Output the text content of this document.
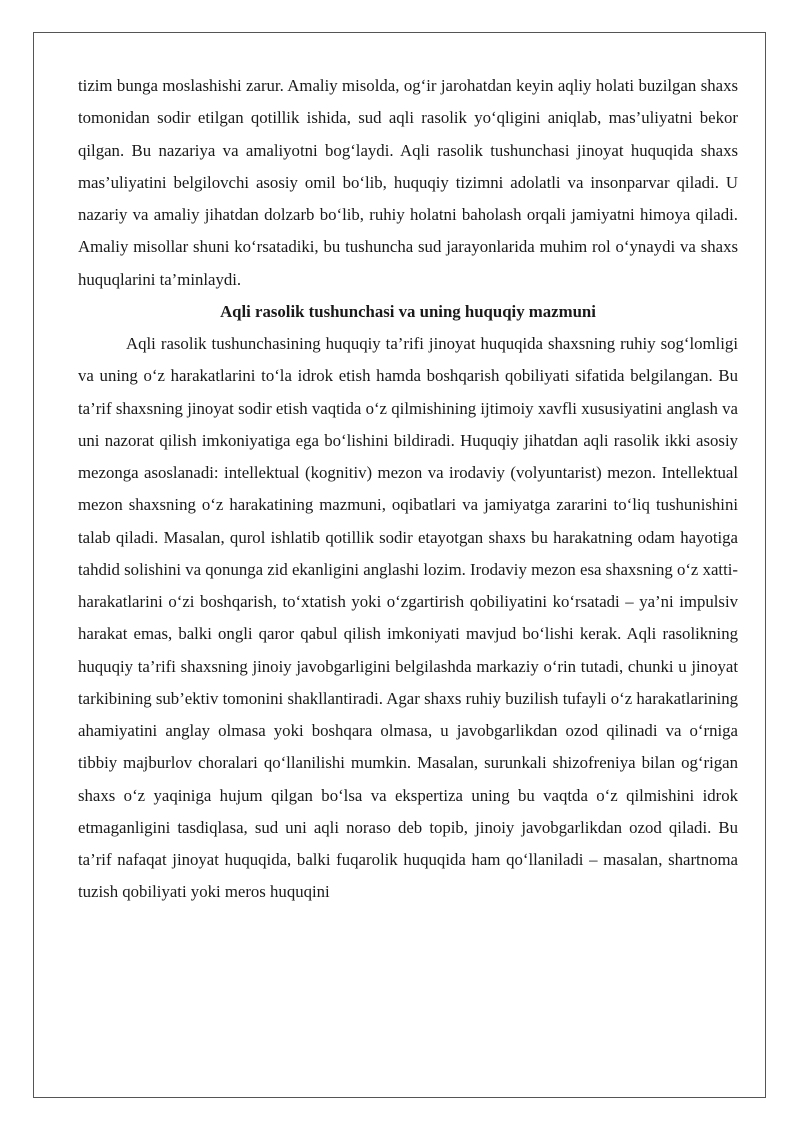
tizim bunga moslashishi zarur. Amaliy misolda, og‘ir jarohatdan keyin aqliy holati buzilgan shaxs tomonidan sodir etilgan qotillik ishida, sud aqli rasolik yo‘qligini aniqlab, mas’uliyatni bekor qilgan. Bu nazariya va amaliyotni bog‘laydi. Aqli rasolik tushunchasi jinoyat huquqida shaxs mas’uliyatini belgilovchi asosiy omil bo‘lib, huquqiy tizimni adolatli va insonparvar qiladi. U nazariy va amaliy jihatdan dolzarb bo‘lib, ruhiy holatni baholash orqali jamiyatni himoya qiladi. Amaliy misollar shuni ko‘rsatadiki, bu tushuncha sud jarayonlarida muhim rol o‘ynaydi va shaxs huquqlarini ta’minlaydi.

Aqli rasolik tushunchasi va uning huquqiy mazmuni

Aqli rasolik tushunchasining huquqiy ta’rifi jinoyat huquqida shaxsning ruhiy sog‘lomligi va uning o‘z harakatlarini to‘la idrok etish hamda boshqarish qobiliyati sifatida belgilangan. Bu ta’rif shaxsning jinoyat sodir etish vaqtida o‘z qilmishining ijtimoiy xavfli xususiyatini anglash va uni nazorat qilish imkoniyatiga ega bo‘lishini bildiradi. Huquqiy jihatdan aqli rasolik ikki asosiy mezonga asoslanadi: intellektual (kognitiv) mezon va irodaviy (volyuntarist) mezon. Intellektual mezon shaxsning o‘z harakatining mazmuni, oqibatlari va jamiyatga zararini to‘liq tushunishini talab qiladi. Masalan, qurol ishlatib qotillik sodir etayotgan shaxs bu harakatning odam hayotiga tahdid solishini va qonunga zid ekanligini anglashi lozim. Irodaviy mezon esa shaxsning o‘z xatti-harakatlarini o‘zi boshqarish, to‘xtatish yoki o‘zgartirish qobiliyatini ko‘rsatadi – ya’ni impulsiv harakat emas, balki ongli qaror qabul qilish imkoniyati mavjud bo‘lishi kerak. Aqli rasolikning huquqiy ta’rifi shaxsning jinoiy javobgarligini belgilashda markaziy o‘rin tutadi, chunki u jinoyat tarkibining sub’ektiv tomonini shakllantiradi. Agar shaxs ruhiy buzilish tufayli o‘z harakatlarining ahamiyatini anglay olmasa yoki boshqara olmasa, u javobgarlikdan ozod qilinadi va o‘rniga tibbiy majburlov choralari qo‘llanilishi mumkin. Masalan, surunkali shizofreniya bilan og‘rigan shaxs o‘z yaqiniga hujum qilgan bo‘lsa va ekspertiza uning bu vaqtda o‘z qilmishini idrok etmaganligini tasdiqlasa, sud uni aqli noraso deb topib, jinoiy javobgarlikdan ozod qiladi. Bu ta’rif nafaqat jinoyat huquqida, balki fuqarolik huquqida ham qo‘llaniladi – masalan, shartnoma tuzish qobiliyati yoki meros huquqini
